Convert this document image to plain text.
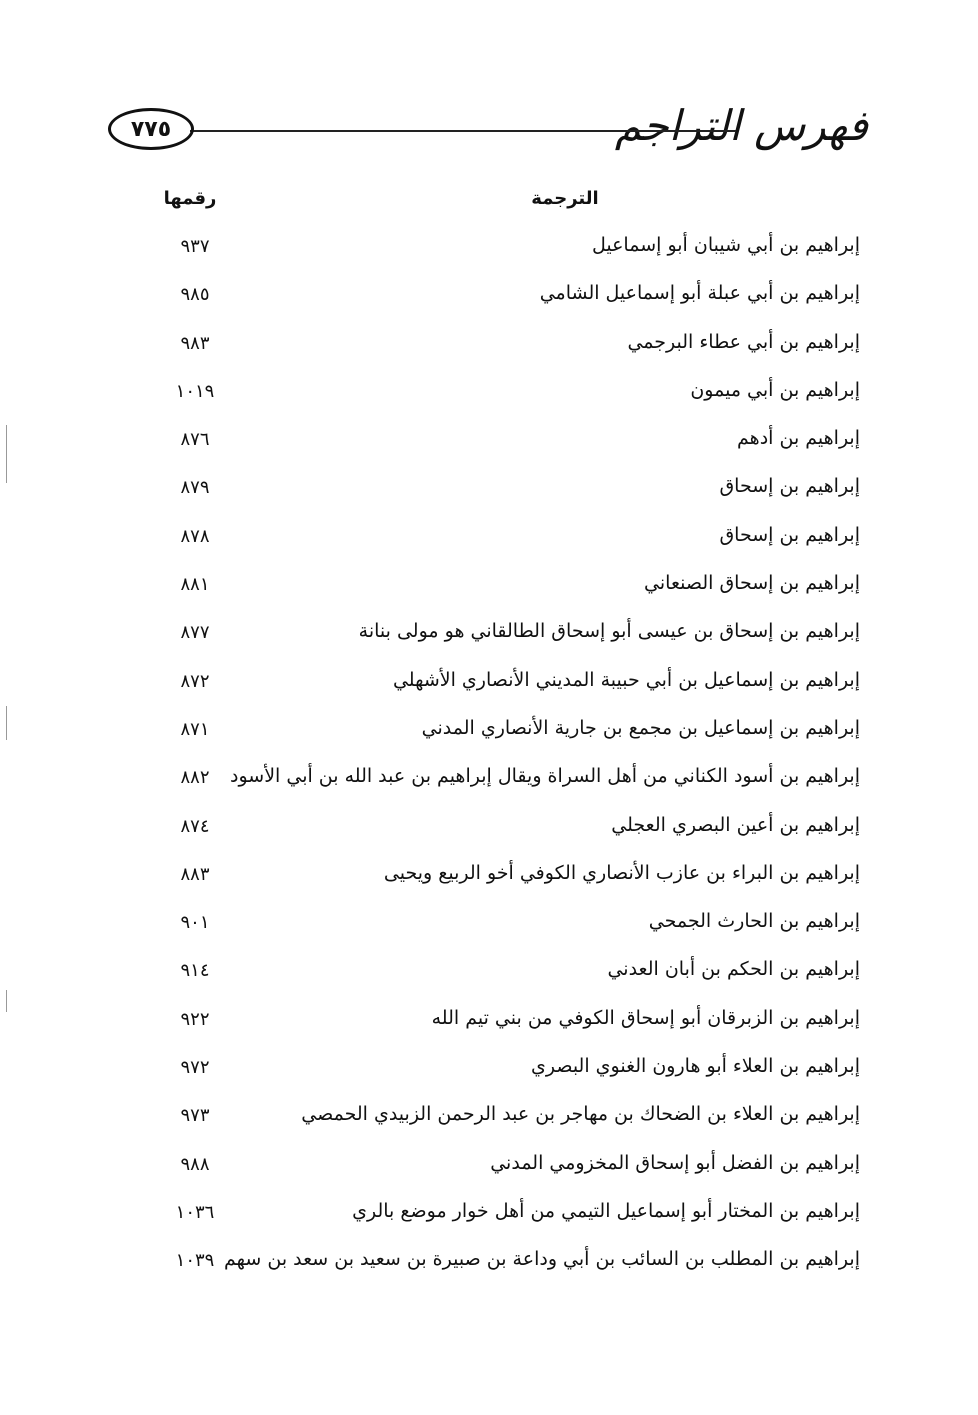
فهرس التراجم
٧٧٥
الترجمة
رقمها
إبراهيم بن أبي شيبان أبو إسماعيل
٩٣٧
إبراهيم بن أبي عبلة أبو إسماعيل الشامي
٩٨٥
إبراهيم بن أبي عطاء البرجمي
٩٨٣
إبراهيم بن أبي ميمون
١٠١٩
إبراهيم بن أدهم
٨٧٦
إبراهيم بن إسحاق
٨٧٩
إبراهيم بن إسحاق
٨٧٨
إبراهيم بن إسحاق الصنعاني
٨٨١
إبراهيم بن إسحاق بن عيسى أبو إسحاق الطالقاني هو مولى بنانة
٨٧٧
إبراهيم بن إسماعيل بن أبي حبيبة المديني الأنصاري الأشهلي
٨٧٢
إبراهيم بن إسماعيل بن مجمع بن جارية الأنصاري المدني
٨٧١
إبراهيم بن أسود الكناني من أهل السراة ويقال إبراهيم بن عبد الله بن أبي الأسود
٨٨٢
إبراهيم بن أعين البصري العجلي
٨٧٤
إبراهيم بن البراء بن عازب الأنصاري الكوفي أخو الربيع ويحيى
٨٨٣
إبراهيم بن الحارث الجمحي
٩٠١
إبراهيم بن الحكم بن أبان العدني
٩١٤
إبراهيم بن الزبرقان أبو إسحاق الكوفي من بني تيم الله
٩٢٢
إبراهيم بن العلاء أبو هارون الغنوي البصري
٩٧٢
إبراهيم بن العلاء بن الضحاك بن مهاجر بن عبد الرحمن الزبيدي الحمصي
٩٧٣
إبراهيم بن الفضل أبو إسحاق المخزومي المدني
٩٨٨
إبراهيم بن المختار أبو إسماعيل التيمي من أهل خوار موضع بالري
١٠٣٦
إبراهيم بن المطلب بن السائب بن أبي وداعة بن صبيرة بن سعيد بن سعد بن سهم
١٠٣٩
